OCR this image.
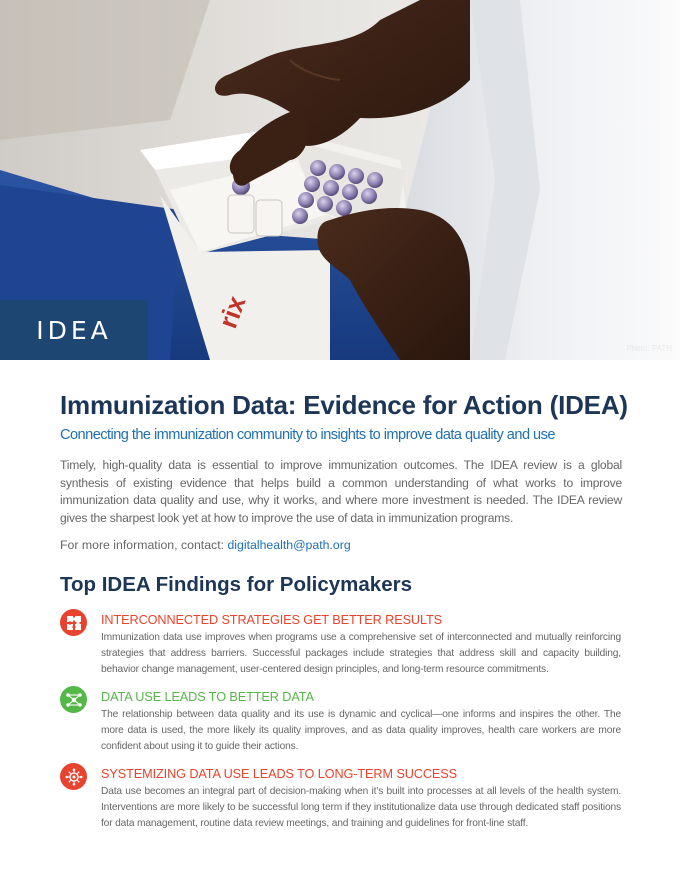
rix
IDEA
Photo: PATH
Immunization Data: Evidence for Action (IDEA)

Connecting the immunization community to insights to improve data quality and use

Timely, high-quality data is essential to improve immunization outcomes. The IDEA review is a global synthesis of existing evidence that helps build a common understanding of what works to improve immunization data quality and use, why it works, and where more investment is needed. The IDEA review gives the sharpest look yet at how to improve the use of data in immunization programs.

For more information, contact: digitalhealth@path.org

Top IDEA Findings for Policymakers

INTERCONNECTED STRATEGIES GET BETTER RESULTS

Immunization data use improves when programs use a comprehensive set of interconnected and mutually reinforcing strategies that address barriers. Successful packages include strategies that address skill and capacity building, behavior change management, user-centered design principles, and long-term resource commitments.

DATA USE LEADS TO BETTER DATA

The relationship between data quality and its use is dynamic and cyclical—one informs and inspires the other. The more data is used, the more likely its quality improves, and as data quality improves, health care workers are more confident about using it to guide their actions.

SYSTEMIZING DATA USE LEADS TO LONG-TERM SUCCESS

Data use becomes an integral part of decision-making when it’s built into processes at all levels of the health system. Interventions are more likely to be successful long term if they institutionalize data use through dedicated staff positions for data management, routine data review meetings, and training and guidelines for front-line staff.
